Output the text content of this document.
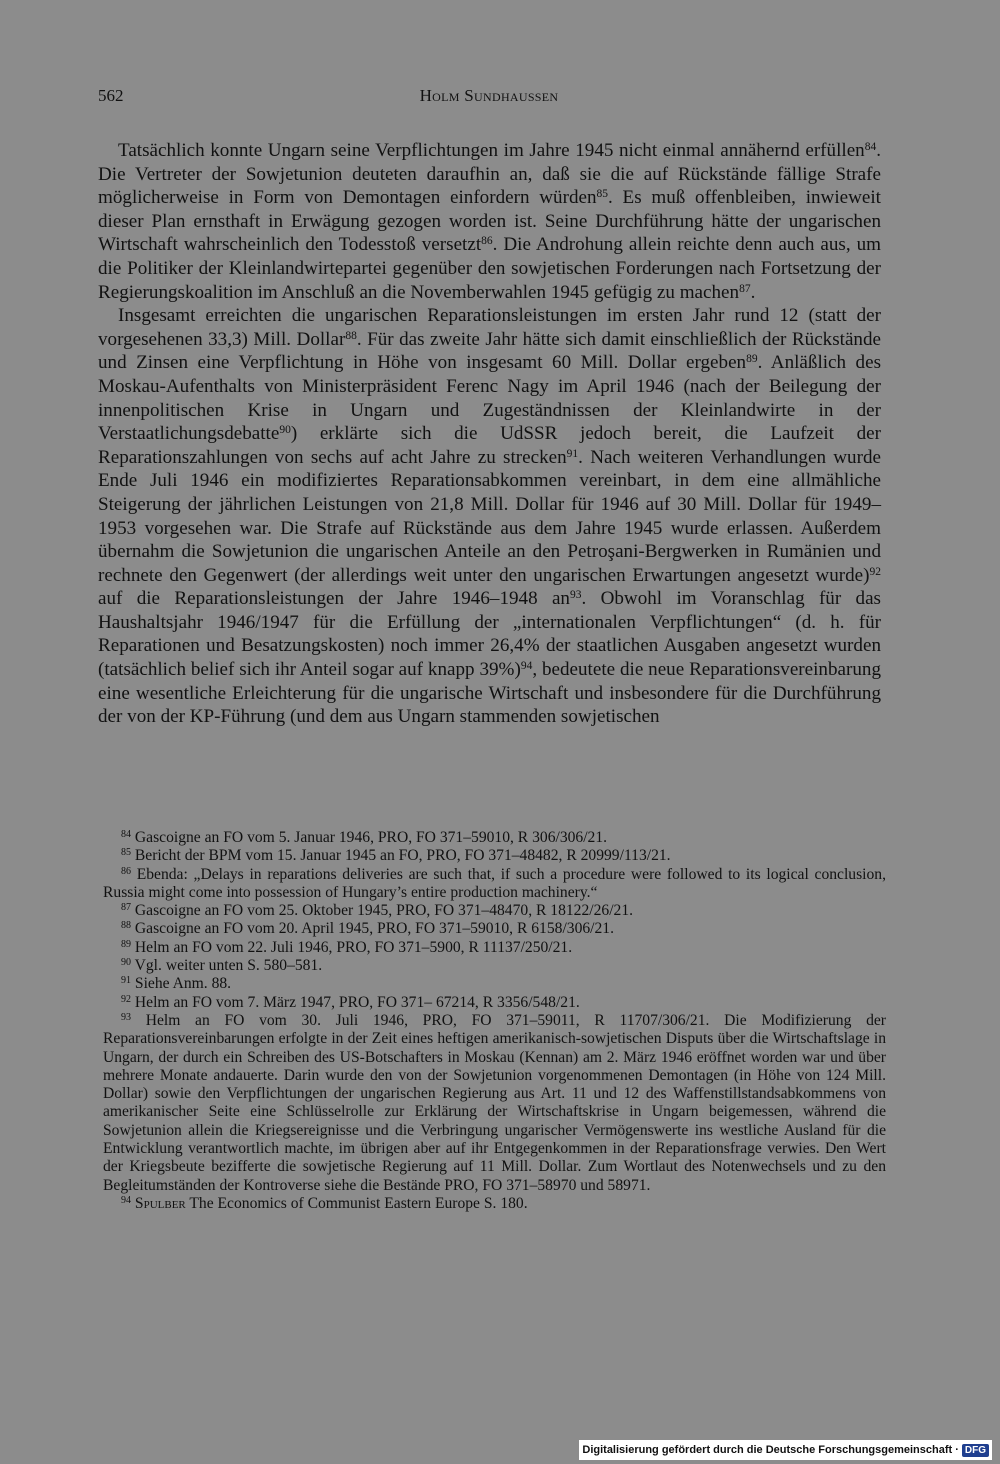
562	Holm Sundhaussen

Tatsächlich konnte Ungarn seine Verpflichtungen im Jahre 1945 nicht einmal annähernd erfüllen$^{84}$. Die Vertreter der Sowjetunion deuteten daraufhin an, daß sie die auf Rückstände fällige Strafe möglicherweise in Form von Demontagen einfordern würden$^{85}$. Es muß offenbleiben, inwieweit dieser Plan ernsthaft in Erwägung gezogen worden ist. Seine Durchführung hätte der ungarischen Wirtschaft wahrscheinlich den Todesstoß versetzt$^{86}$. Die Androhung allein reichte denn auch aus, um die Politiker der Kleinlandwirtepartei gegenüber den sowjetischen Forderungen nach Fortsetzung der Regierungskoalition im Anschluß an die Novemberwahlen 1945 gefügig zu machen$^{87}$.

Insgesamt erreichten die ungarischen Reparationsleistungen im ersten Jahr rund 12 (statt der vorgesehenen 33,3) Mill. Dollar$^{88}$. Für das zweite Jahr hätte sich damit einschließlich der Rückstände und Zinsen eine Verpflichtung in Höhe von insgesamt 60 Mill. Dollar ergeben$^{89}$. Anläßlich des Moskau-Aufenthalts von Ministerpräsident Ferenc Nagy im April 1946 (nach der Beilegung der innenpolitischen Krise in Ungarn und Zugeständnissen der Kleinlandwirte in der Verstaatlichungsdebatte$^{90}$) erklärte sich die UdSSR jedoch bereit, die Laufzeit der Reparationszahlungen von sechs auf acht Jahre zu strecken$^{91}$. Nach weiteren Verhandlungen wurde Ende Juli 1946 ein modifiziertes Reparationsabkommen vereinbart, in dem eine allmähliche Steigerung der jährlichen Leistungen von 21,8 Mill. Dollar für 1946 auf 30 Mill. Dollar für 1949–1953 vorgesehen war. Die Strafe auf Rückstände aus dem Jahre 1945 wurde erlassen. Außerdem übernahm die Sowjetunion die ungarischen Anteile an den Petroşani-Bergwerken in Rumänien und rechnete den Gegenwert (der allerdings weit unter den ungarischen Erwartungen angesetzt wurde)$^{92}$ auf die Reparationsleistungen der Jahre 1946–1948 an$^{93}$. Obwohl im Voranschlag für das Haushaltsjahr 1946/1947 für die Erfüllung der „internationalen Verpflichtungen“ (d. h. für Reparationen und Besatzungskosten) noch immer 26,4% der staatlichen Ausgaben angesetzt wurden (tatsächlich belief sich ihr Anteil sogar auf knapp 39%)$^{94}$, bedeutete die neue Reparationsvereinbarung eine wesentliche Erleichterung für die ungarische Wirtschaft und insbesondere für die Durchführung der von der KP-Führung (und dem aus Ungarn stammenden sowjetischen

$^{84}$ Gascoigne an FO vom 5. Januar 1946, PRO, FO 371–59010, R 306/306/21.

$^{85}$ Bericht der BPM vom 15. Januar 1945 an FO, PRO, FO 371–48482, R 20999/113/21.

$^{86}$ Ebenda: „Delays in reparations deliveries are such that, if such a procedure were followed to its logical conclusion, Russia might come into possession of Hungary’s entire production machinery.“

$^{87}$ Gascoigne an FO vom 25. Oktober 1945, PRO, FO 371–48470, R 18122/26/21.

$^{88}$ Gascoigne an FO vom 20. April 1945, PRO, FO 371–59010, R 6158/306/21.

$^{89}$ Helm an FO vom 22. Juli 1946, PRO, FO 371–5900, R 11137/250/21.

$^{90}$ Vgl. weiter unten S. 580–581.

$^{91}$ Siehe Anm. 88.

$^{92}$ Helm an FO vom 7. März 1947, PRO, FO 371– 67214, R 3356/548/21.

$^{93}$ Helm an FO vom 30. Juli 1946, PRO, FO 371–59011, R 11707/306/21. Die Modifizierung der Reparationsvereinbarungen erfolgte in der Zeit eines heftigen amerikanisch-sowjetischen Disputs über die Wirtschaftslage in Ungarn, der durch ein Schreiben des US-Botschafters in Moskau (Kennan) am 2. März 1946 eröffnet worden war und über mehrere Monate andauerte. Darin wurde den von der Sowjetunion vorgenommenen Demontagen (in Höhe von 124 Mill. Dollar) sowie den Verpflichtungen der ungarischen Regierung aus Art. 11 und 12 des Waffenstillstandsabkommens von amerikanischer Seite eine Schlüsselrolle zur Erklärung der Wirtschaftskrise in Ungarn beigemessen, während die Sowjetunion allein die Kriegsereignisse und die Verbringung ungarischer Vermögenswerte ins westliche Ausland für die Entwicklung verantwortlich machte, im übrigen aber auf ihr Entgegenkommen in der Reparationsfrage verwies. Den Wert der Kriegsbeute bezifferte die sowjetische Regierung auf 11 Mill. Dollar. Zum Wortlaut des Notenwechsels und zu den Begleitumständen der Kontroverse siehe die Bestände PRO, FO 371–58970 und 58971.

$^{94}$ Spulber The Economics of Communist Eastern Europe S. 180.

Digitalisierung gefördert durch die Deutsche Forschungsgemeinschaft · DFG
